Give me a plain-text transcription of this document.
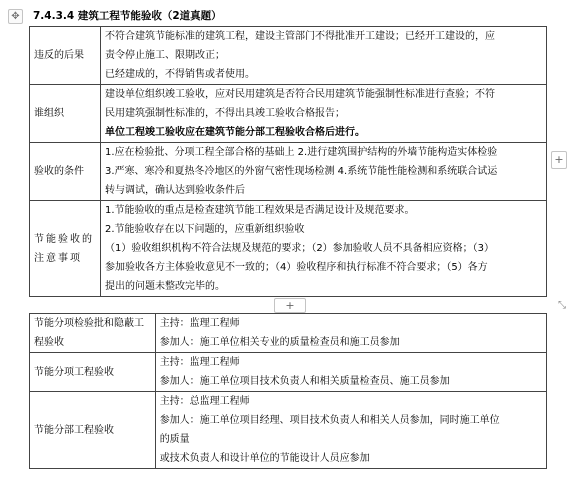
✥	7.4.3.4 建筑工程节能验收（2道真题）
违反的后果	不符合建筑节能标准的建筑工程，建设主管部门不得批准开工建设；已经开工建设的，应
责令停止施工、限期改正；
已经建成的，不得销售或者使用。

谁组织	建设单位组织竣工验收，应对民用建筑是否符合民用建筑节能强制性标准进行查验；不符
民用建筑强制性标准的，不得出具竣工验收合格报告；
单位工程竣工验收应在建筑节能分部工程验收合格后进行。

验收的条件	1.应在检验批、分项工程全部合格的基础上 2.进行建筑围护结构的外墙节能构造实体检验
3.严寒、寒冷和夏热冬冷地区的外窗气密性现场检测 4.系统节能性能检测和系统联合试运
转与调试，确认达到验收条件后

节能验收的注意事项	1.节能验收的重点是检查建筑节能工程效果是否满足设计及规范要求。
2.节能验收存在以下问题的，应重新组织验收
（1）验收组织机构不符合法规及规范的要求；（2）参加验收人员不具备相应资格；（3）
参加验收各方主体验收意见不一致的；（4）验收程序和执行标准不符合要求；（5）各方
提出的问题未整改完毕的。
+
+	⤡
节能分项检验批和隐蔽工程验收	主持：监理工程师
参加人：施工单位相关专业的质量检查员和施工员参加

节能分项工程验收	主持：监理工程师
参加人：施工单位项目技术负责人和相关质量检查员、施工员参加

节能分部工程验收	主持：总监理工程师
参加人：施工单位项目经理、项目技术负责人和相关人员参加，同时施工单位
的质量
或技术负责人和设计单位的节能设计人员应参加
